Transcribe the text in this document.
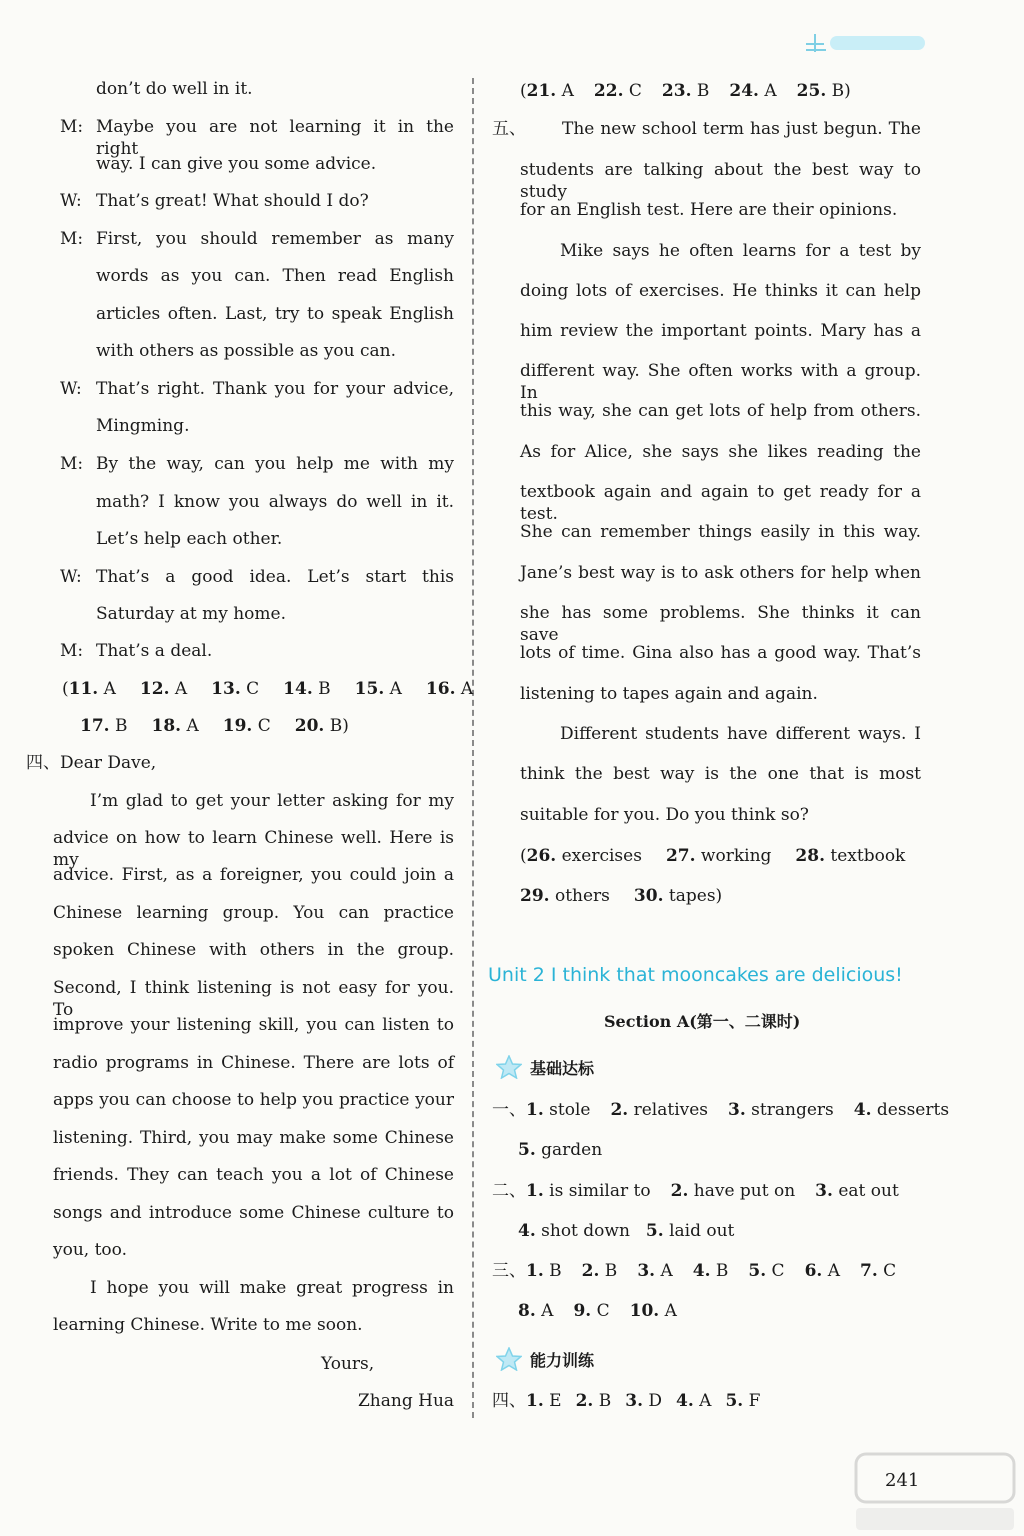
don’t do well in it.
M: Maybe you are not learning it in the right
way. I can give you some advice.
W: That’s great! What should I do?
M: First, you should remember as many
words as you can. Then read English
articles often. Last, try to speak English
with others as possible as you can.
W: That’s right. Thank you for your advice,
Mingming.
M: By the way, can you help me with my
math? I know you always do well in it.
Let’s help each other.
W: That’s a good idea. Let’s start this
Saturday at my home.
M: That’s a deal.
(11. A 12. A 13. C 14. B 15. A 16. A
17. B 18. A 19. C 20. B)
四、Dear Dave,
I’m glad to get your letter asking for my
advice on how to learn Chinese well. Here is my
advice. First, as a foreigner, you could join a
Chinese learning group. You can practice
spoken Chinese with others in the group.
Second, I think listening is not easy for you. To
improve your listening skill, you can listen to
radio programs in Chinese. There are lots of
apps you can choose to help you practice your
listening. Third, you may make some Chinese
friends. They can teach you a lot of Chinese
songs and introduce some Chinese culture to
you, too.
I hope you will make great progress in
learning Chinese. Write to me soon.
Yours,
Zhang Hua
(21. A 22. C 23. B 24. A 25. B)
五、 The new school term has just begun. The
students are talking about the best way to study
for an English test. Here are their opinions.
Mike says he often learns for a test by
doing lots of exercises. He thinks it can help
him review the important points. Mary has a
different way. She often works with a group. In
this way, she can get lots of help from others.
As for Alice, she says she likes reading the
textbook again and again to get ready for a test.
She can remember things easily in this way.
Jane’s best way is to ask others for help when
she has some problems. She thinks it can save
lots of time. Gina also has a good way. That’s
listening to tapes again and again.
Different students have different ways. I
think the best way is the one that is most
suitable for you. Do you think so?
(26. exercises 27. working 28. textbook
29. others 30. tapes)
Unit 2 I think that mooncakes are delicious!
Section A(第一、二课时)
基础达标
一、1. stole 2. relatives 3. strangers 4. desserts
5. garden
二、1. is similar to 2. have put on 3. eat out
4. shot down 5. laid out
三、1. B 2. B 3. A 4. B 5. C 6. A 7. C
8. A 9. C 10. A
能力训练
四、1. E 2. B 3. D 4. A 5. F
241
